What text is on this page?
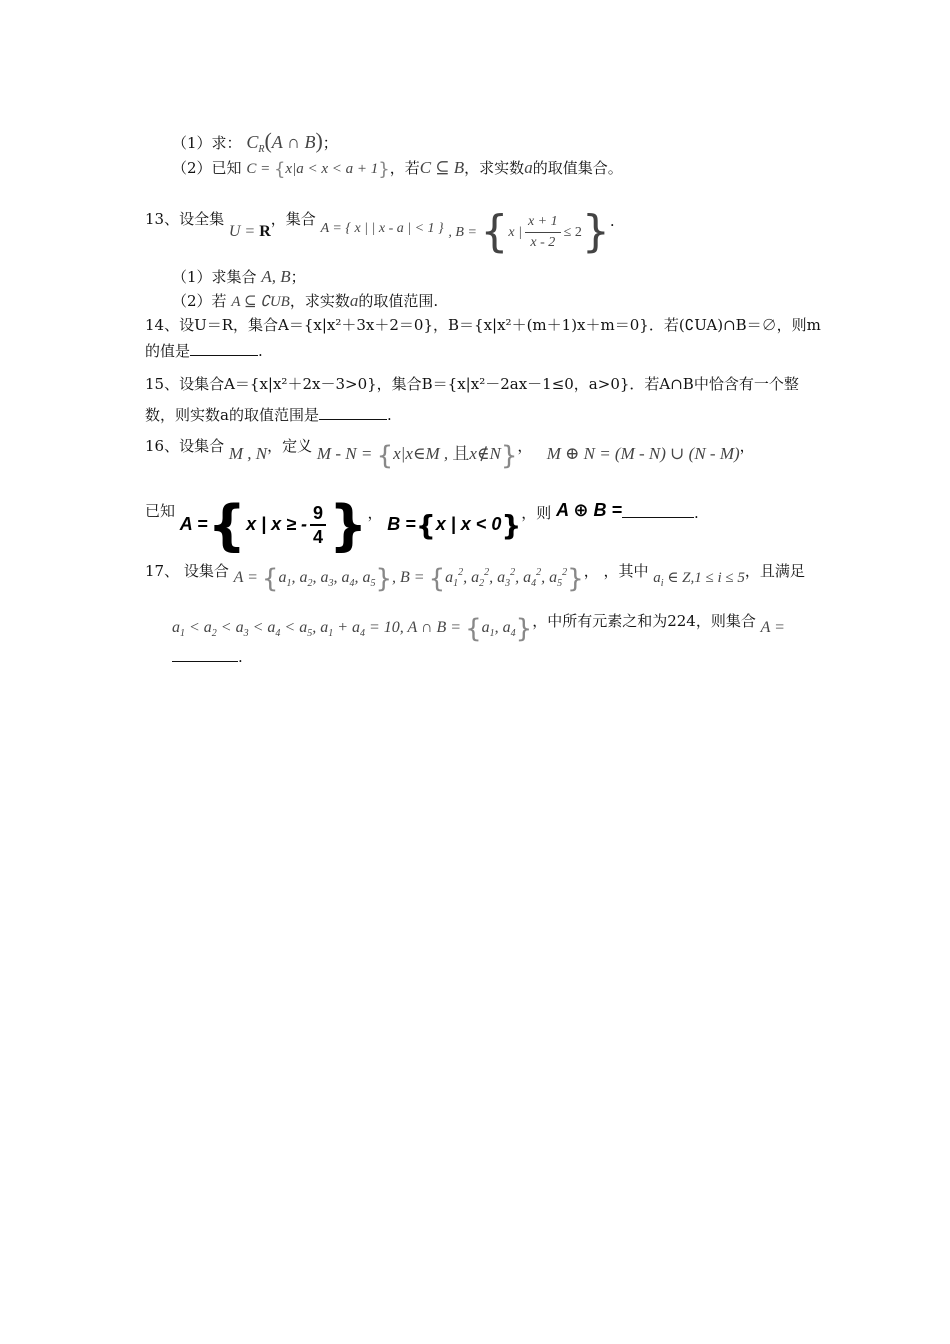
（1）求： $C_R(A$ ∩ B)；
（2）已知 C = {x|a < x < a + 1}，若C ⊆ B，求实数a的取值集合。
13、设全集 U = R，集合 A = { x | | x - a | < 1 } , B = {x | $\frac{x + 1}{x - 2} \le 2$}.
（1）求集合 A, B；
（2）若 A ⊆ ∁UB，求实数a的取值范围.
14、设U＝R，集合A＝{x|x²＋3x＋2＝0}，B＝{x|x²＋(m＋1)x＋m＝0}．若(∁UA)∩B＝∅，则m
的值是	.
15、设集合A＝{x|x²＋2x－3>0}，集合B＝{x|x²－2ax－1≤0，a>0}．若A∩B中恰含有一个整
数，则实数a的取值范围是	.
16、设集合 M , N，定义 M - N = {x|x∈M , 且x∉N}， M ⊕ N = (M - N) ∪ (N - M)，
已知 A ={x | x ≥ - $\frac{9}{4}$ }， B ={x | x < 0}，则 A ⊕ B =	.
17、 设集合 $A = \{a_1$, $a_2$, $a_3$, $a_4$, $a_5$}, $B = \{a_1^2$, $a_2^2$, $a_3^2$, $a_4^2$, $a_5^2$}， ，其中 $a_i$ ∈ Z,1 ≤ i ≤ 5，且满足
$a_1 < a_2 < a_3 < a_4 < a_5$, $a_1 + a_4 = 10$, A ∩ $B = \{a_1$, $a_4$}，中所有元素之和为224，则集合 A =
.
